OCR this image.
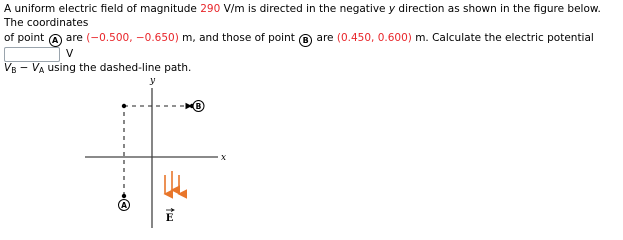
A uniform electric field of magnitude 290 V/m is directed in the negative y direction as shown in the figure below. The coordinates
of point A are (−0.500, −0.650) m, and those of point B are (0.450, 0.600) m. Calculate the electric potential
$V_B - V_A$ using the dashed-line path.
V
x
y
B
A
E
